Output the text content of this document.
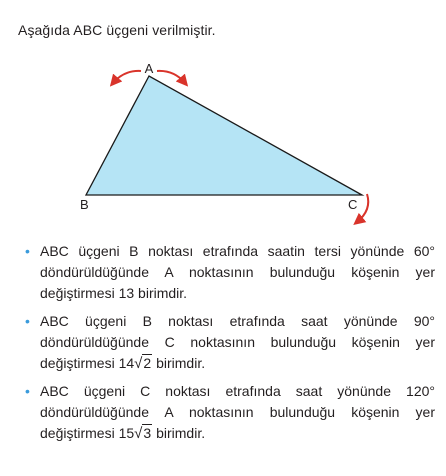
Aşağıda ABC üçgeni verilmiştir.
A
B	C
• ABC üçgeni B noktası etrafında saatin tersi yönünde 60° döndürüldüğünde A noktasının bulunduğu köşenin yer değiştirmesi 13 birimdir.
• ABC üçgeni B noktası etrafında saat yönünde 90° döndürüldüğünde C noktasının bulunduğu köşenin yer değiştirmesi 14√2 birimdir.
• ABC üçgeni C noktası etrafında saat yönünde 120° döndürüldüğünde A noktasının bulunduğu köşenin yer değiştirmesi 15√3 birimdir.
